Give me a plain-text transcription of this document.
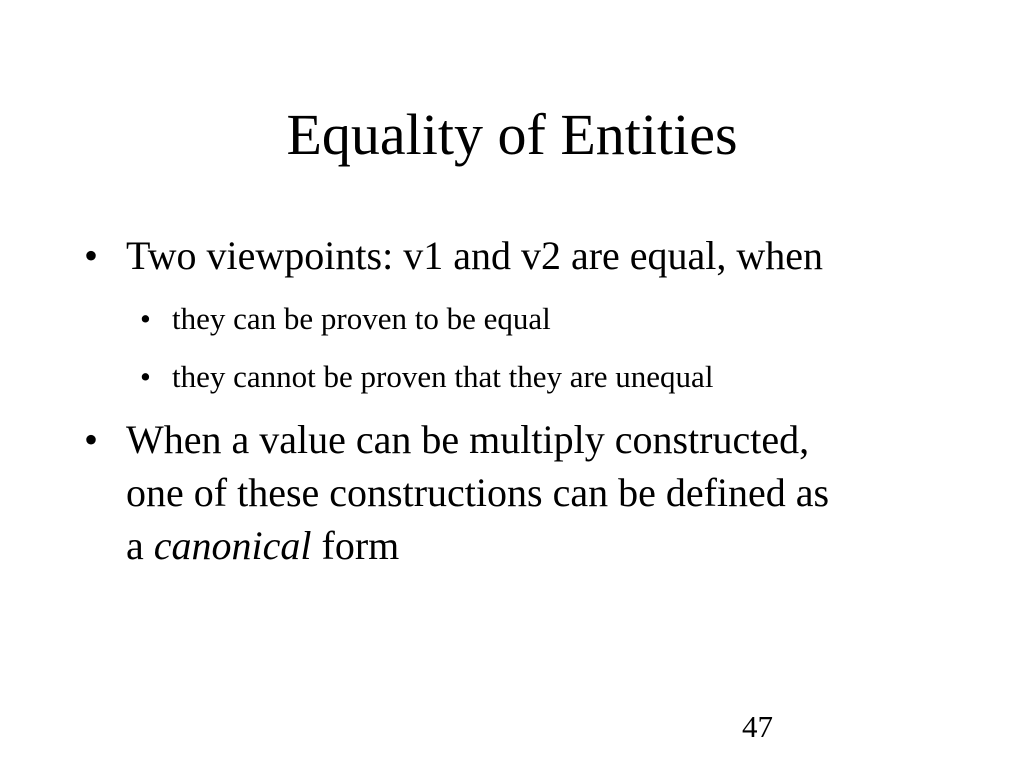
Equality of Entities
• Two viewpoints: v1 and v2 are equal, when
• they can be proven to be equal
• they cannot be proven that they are unequal
• When a value can be multiply constructed,
one of these constructions can be defined as
a canonical form
47
